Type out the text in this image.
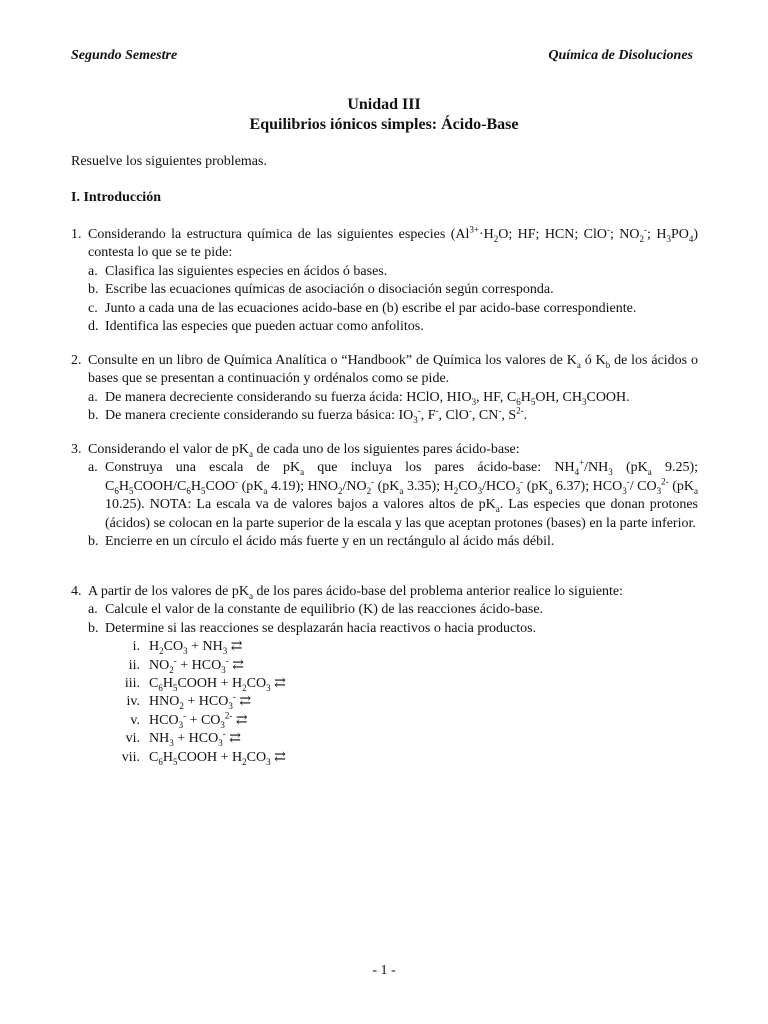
Segundo Semestre	Química de Disoluciones
Unidad III
Equilibrios iónicos simples: Ácido-Base
Resuelve los siguientes problemas.
I. Introducción
1. Considerando la estructura química de las siguientes especies ($Al^{3+}\cdot H_2O$; HF; HCN; ClO-; $NO_2^-$; $H_3PO_4$) contesta lo que se te pide:
a. Clasifica las siguientes especies en ácidos ó bases.
b. Escribe las ecuaciones químicas de asociación o disociación según corresponda.
c. Junto a cada una de las ecuaciones acido-base en (b) escribe el par acido-base correspondiente.
d. Identifica las especies que pueden actuar como anfolitos.
2. Consulte en un libro de Química Analítica o “Handbook” de Química los valores de $K_a$ ó $K_b$ de los ácidos o bases que se presentan a continuación y ordénalos como se pide.
a. De manera decreciente considerando su fuerza ácida: HClO, $HIO_3$, HF, $C_6H_5OH$, $CH_3COOH$.
b. De manera creciente considerando su fuerza básica: $IO_3^-$, F-, ClO-, CN-, $S^{2-}$.
3. Considerando el valor de $pK_a$ de cada uno de los siguientes pares ácido-base:
a. Construya una escala de $pK_a$ que incluya los pares ácido-base: $NH_4^+/NH_3$ ($pK_a$ 9.25); $C_6H_5COOH/C_6H_5COO^-$ ($pK_a$ 4.19); $HNO_2/NO_2^-$ ($pK_a$ 3.35); $H_2CO_3/HCO_3^-$ ($pK_a$ 6.37); $HCO_3^-/$ $CO_3^{2-}$ ($pK_a$ 10.25). NOTA: La escala va de valores bajos a valores altos de $pK_a$. Las especies que donan protones (ácidos) se colocan en la parte superior de la escala y las que aceptan protones (bases) en la parte inferior.
b. Encierre en un círculo el ácido más fuerte y en un rectángulo al ácido más débil.
4. A partir de los valores de $pK_a$ de los pares ácido-base del problema anterior realice lo siguiente:
a. Calcule el valor de la constante de equilibrio (K) de las reacciones ácido-base.
b. Determine si las reacciones se desplazarán hacia reactivos o hacia productos.
i. $H_2CO_3 + NH_3$ ⇄
ii. $NO_2^- + HCO_3^-$ ⇄
iii. $C_6H_5COOH + H_2CO_3$ ⇄
iv. $HNO_2 + HCO_3^-$ ⇄
v. $HCO_3^- + CO_3^{2-}$ ⇄
vi. $NH_3 + HCO_3^-$ ⇄
vii. $C_6H_5COOH + H_2CO_3$ ⇄
- 1 -
